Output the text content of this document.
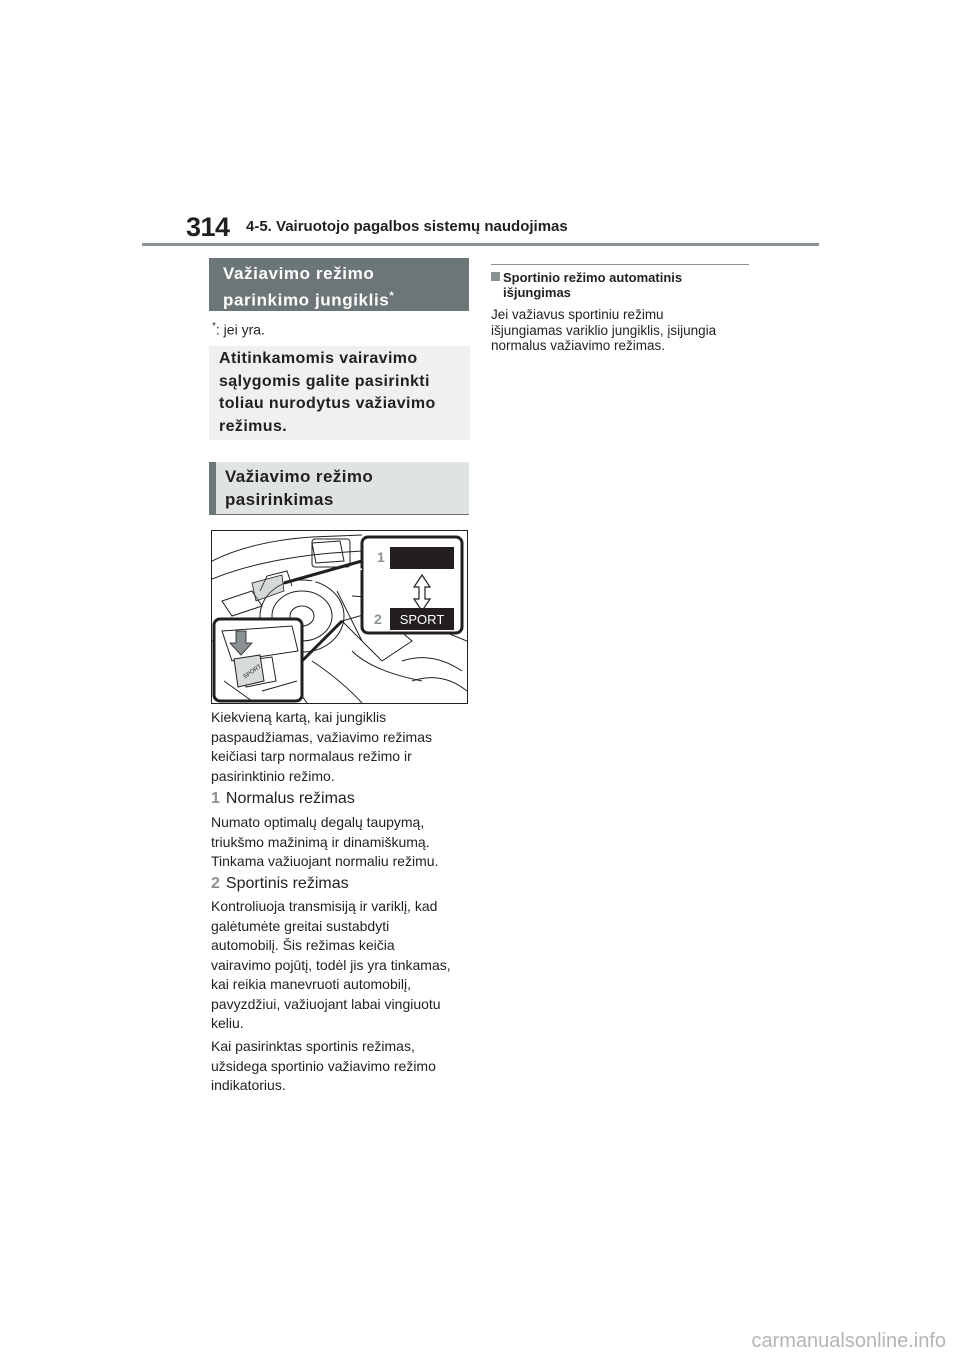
314 4-5. Vairuotojo pagalbos sistemų naudojimas
Važiavimo režimo
parinkimo jungiklis*
*: jei yra.
Atitinkamomis vairavimo
sąlygomis galite pasirinkti
toliau nurodytus važiavimo
režimus.
Važiavimo režimo
pasirinkimas
1
2 SPORT
SPORT
Kiekvieną kartą, kai jungiklis
paspaudžiamas, važiavimo režimas
keičiasi tarp normalaus režimo ir
pasirinktinio režimo.
1 Normalus režimas
Numato optimalų degalų taupymą,
triukšmo mažinimą ir dinamiškumą.
Tinkama važiuojant normaliu režimu.
2 Sportinis režimas
Kontroliuoja transmisiją ir variklį, kad
galėtumėte greitai sustabdyti
automobilį. Šis režimas keičia
vairavimo pojūtį, todėl jis yra tinkamas,
kai reikia manevruoti automobilį,
pavyzdžiui, važiuojant labai vingiuotu
keliu.
Kai pasirinktas sportinis režimas,
užsidega sportinio važiavimo režimo
indikatorius.
Sportinio režimo automatinis
išjungimas
Jei važiavus sportiniu režimu
išjungiamas variklio jungiklis, įsijungia
normalus važiavimo režimas.
carmanualsonline.info
